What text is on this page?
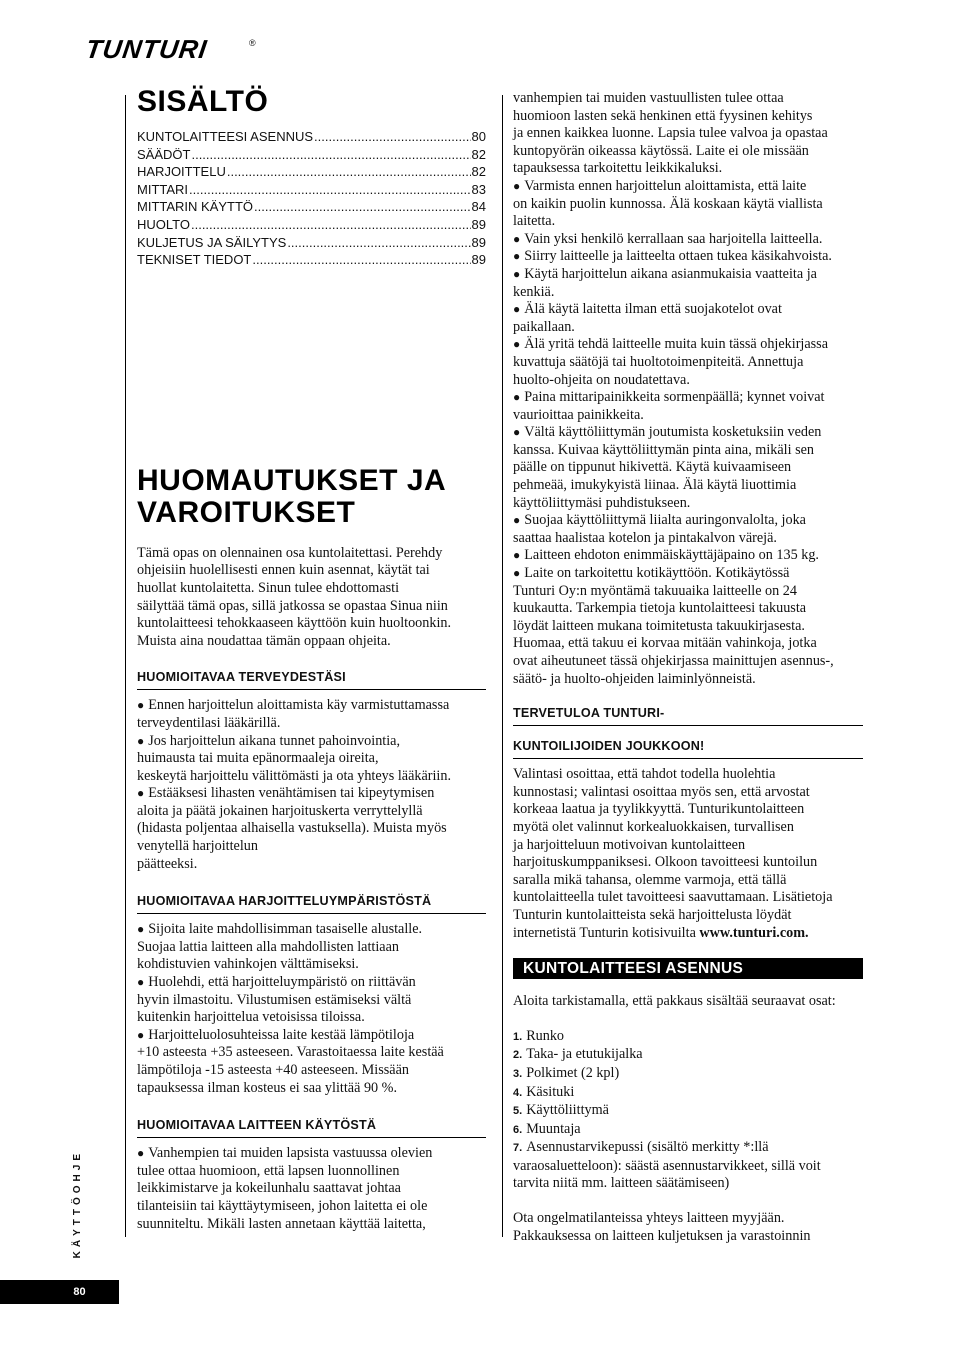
TUNTURI	®
SISÄLTÖ
KUNTOLAITTEESI ASENNUS .....	80
SÄÄDÖT .....	82
HARJOITTELU .....	82
MITTARI .....	83
MITTARIN KÄYTTÖ .....	84
HUOLTO .....	89
KULJETUS JA SÄILYTYS .....	89
TEKNISET TIEDOT .....	89
HUOMAUTUKSET JA
VAROITUKSET
Tämä opas on olennainen osa kuntolaitettasi. Perehdy
ohjeisiin huolellisesti ennen kuin asennat, käytät tai
huollat kuntolaitetta. Sinun tulee ehdottomasti
säilyttää tämä opas, sillä jatkossa se opastaa Sinua niin
kuntolaitteesi tehokkaaseen käyttöön kuin huoltoonkin.
Muista aina noudattaa tämän oppaan ohjeita.
HUOMIOITAVAA TERVEYDESTÄSI
● Ennen harjoittelun aloittamista käy varmistuttamassa
terveydentilasi lääkärillä.
● Jos harjoittelun aikana tunnet pahoinvointia,
huimausta tai muita epänormaaleja oireita,
keskeytä harjoittelu välittömästi ja ota yhteys lääkäriin.
● Estääksesi lihasten venähtämisen tai kipeytymisen
aloita ja päätä jokainen harjoituskerta verryttelyllä
(hidasta poljentaa alhaisella vastuksella). Muista myös
venytellä harjoittelun
päätteeksi.
HUOMIOITAVAA HARJOITTELUYMPÄRISTÖSTÄ
● Sijoita laite mahdollisimman tasaiselle alustalle.
Suojaa lattia laitteen alla mahdollisten lattiaan
kohdistuvien vahinkojen välttämiseksi.
● Huolehdi, että harjoitteluympäristö on riittävän
hyvin ilmastoitu. Vilustumisen estämiseksi vältä
kuitenkin harjoittelua vetoisissa tiloissa.
● Harjoitteluolosuhteissa laite kestää lämpötiloja
+10 asteesta +35 asteeseen. Varastoitaessa laite kestää
lämpötiloja -15 asteesta +40 asteeseen. Missään
tapauksessa ilman kosteus ei saa ylittää 90 %.
HUOMIOITAVAA LAITTEEN KÄYTÖSTÄ
● Vanhempien tai muiden lapsista vastuussa olevien
tulee ottaa huomioon, että lapsen luonnollinen
leikkimistarve ja kokeilunhalu saattavat johtaa
tilanteisiin tai käyttäytymiseen, johon laitetta ei ole
suunniteltu. Mikäli lasten annetaan käyttää laitetta,
vanhempien tai muiden vastuullisten tulee ottaa
huomioon lasten sekä henkinen että fyysinen kehitys
ja ennen kaikkea luonne. Lapsia tulee valvoa ja opastaa
kuntopyörän oikeassa käytössä. Laite ei ole missään
tapauksessa tarkoitettu leikkikaluksi.
● Varmista ennen harjoittelun aloittamista, että laite
on kaikin puolin kunnossa. Älä koskaan käytä viallista
laitetta.
● Vain yksi henkilö kerrallaan saa harjoitella laitteella.
● Siirry laitteelle ja laitteelta ottaen tukea käsikahvoista.
● Käytä harjoittelun aikana asianmukaisia vaatteita ja
kenkiä.
● Älä käytä laitetta ilman että suojakotelot ovat
paikallaan.
● Älä yritä tehdä laitteelle muita kuin tässä ohjekirjassa
kuvattuja säätöjä tai huoltotoimenpiteitä. Annettuja
huolto-ohjeita on noudatettava.
● Paina mittaripainikkeita sormenpäällä; kynnet voivat
vaurioittaa painikkeita.
● Vältä käyttöliittymän joutumista kosketuksiin veden
kanssa. Kuivaa käyttöliittymän pinta aina, mikäli sen
päälle on tippunut hikivettä. Käytä kuivaamiseen
pehmeää, imukykyistä liinaa. Älä käytä liuottimia
käyttöliittymäsi puhdistukseen.
● Suojaa käyttöliittymä liialta auringonvalolta, joka
saattaa haalistaa kotelon ja pintakalvon värejä.
● Laitteen ehdoton enimmäiskäyttäjäpaino on 135 kg.
● Laite on tarkoitettu kotikäyttöön. Kotikäytössä
Tunturi Oy:n myöntämä takuuaika laitteelle on 24
kuukautta. Tarkempia tietoja kuntolaitteesi takuusta
löydät laitteen mukana toimitetusta takuukirjasesta.
Huomaa, että takuu ei korvaa mitään vahinkoja, jotka
ovat aiheutuneet tässä ohjekirjassa mainittujen asennus-,
säätö- ja huolto-ohjeiden laiminlyönneistä.
TERVETULOA TUNTURI-
KUNTOILIJOIDEN JOUKKOON!
Valintasi osoittaa, että tahdot todella huolehtia
kunnostasi; valintasi osoittaa myös sen, että arvostat
korkeaa laatua ja tyylikkyyttä. Tunturikuntolaitteen
myötä olet valinnut korkealuokkaisen, turvallisen
ja harjoitteluun motivoivan kuntolaitteen
harjoituskumppaniksesi. Olkoon tavoitteesi kuntoilun
saralla mikä tahansa, olemme varmoja, että tällä
kuntolaitteella tulet tavoitteesi saavuttamaan. Lisätietoja
Tunturin kuntolaitteista sekä harjoittelusta löydät
internetistä Tunturin kotisivuilta www.tunturi.com.
KUNTOLAITTEESI ASENNUS
Aloita tarkistamalla, että pakkaus sisältää seuraavat osat:
1. Runko
2. Taka- ja etutukijalka
3. Polkimet (2 kpl)
4. Käsituki
5. Käyttöliittymä
6. Muuntaja
7. Asennustarvikepussi (sisältö merkitty *:llä
varaosaluetteloon): säästä asennustarvikkeet, sillä voit
tarvita niitä mm. laitteen säätämiseen)
Ota ongelmatilanteissa yhteys laitteen myyjään.
Pakkauksessa on laitteen kuljetuksen ja varastoinnin
KÄYTTÖOHJE
80
